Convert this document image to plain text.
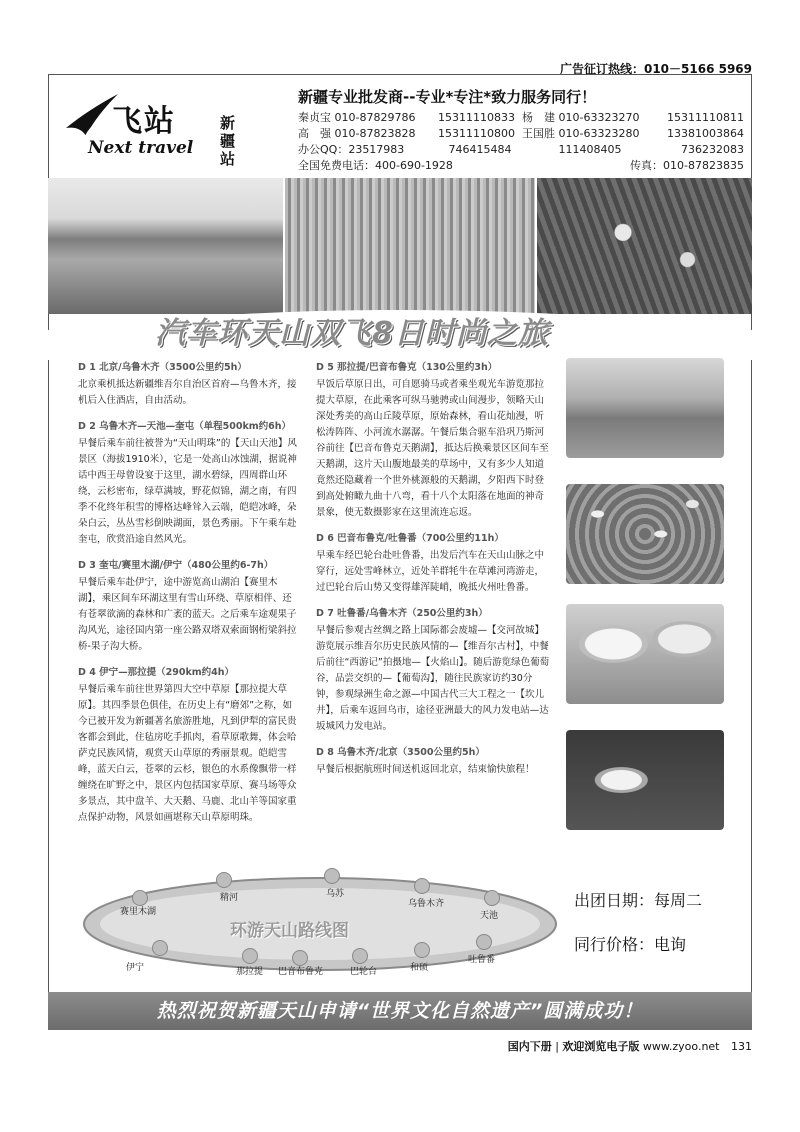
广告征订热线：010－5166 5969
飞站
Next travel
新疆站
新疆专业批发商--专业*专注*致力服务同行！
秦贞宝 010-87829786	15311110833 杨　建 010-63323270	15311110811
高　强 010-87823828	15311110800 王国胜 010-63323280	13381003864
办公QQ：23517983	746415484	111408405	736232083
全国免费电话：400-690-1928	传真：010-87823835
汽车环天山双飞8日时尚之旅
D 1 北京/乌鲁木齐（3500公里约5h）

北京乘机抵达新疆维吾尔自治区首府—乌鲁木齐，接机后入住酒店，自由活动。

D 2 乌鲁木齐—天池—奎屯（单程500km约6h）

早餐后乘车前往被誉为“天山明珠”的【天山天池】风景区（海拔1910米），它是一处高山冰蚀湖，据说神话中西王母曾设宴于这里，湖水碧绿，四周群山环绕，云杉密布，绿草满坡，野花似锦，湖之南，有四季不化终年积雪的博格达峰耸入云端，皑皑冰峰，朵朵白云，丛丛雪杉倒映湖面，景色秀丽。下午乘车赴奎屯，欣赏沿途自然风光。

D 3 奎屯/赛里木湖/伊宁（480公里约6-7h）

早餐后乘车赴伊宁，途中游览高山湖泊【赛里木湖】，乘区间车环湖这里有雪山环绕、草原相伴、还有苍翠欲滴的森林和广袤的蓝天。之后乘车途观果子沟风光，途径国内第一座公路双塔双索面钢桁梁斜拉桥-果子沟大桥。

D 4 伊宁—那拉提（290km约4h）

早餐后乘车前往世界第四大空中草原【那拉提大草原】。其四季景色俱佳，在历史上有“磨郊”之称，如今已被开发为新疆著名旅游胜地，凡到伊犁的富民贵客都会到此，住毡房吃手抓肉，看草原歌舞，体会哈萨克民族风情，观赏天山草原的秀丽景观。皑皑雪峰，蓝天白云，苍翠的云杉，银色的水系像飘带一样缠绕在旷野之中，景区内包括国家草原、赛马场等众多景点，其中盘羊、大天鹅、马鹿、北山羊等国家重点保护动物，风景如画堪称天山草原明珠。

D 5 那拉提/巴音布鲁克（130公里约3h）

早饭后草原日出，可自愿骑马或者乘坐观光车游览那拉提大草原，在此乘客可纵马驰骋或山间漫步，领略天山深处秀美的高山丘陵草原，原始森林，看山花灿漫，听松涛阵阵、小河流水潺潺。午餐后集合驱车沿巩乃斯河谷前往【巴音布鲁克天鹅湖】，抵达后换乘景区区间车至天鹅湖，这片天山腹地最美的草场中，又有多少人知道竟然还隐藏着一个世外桃源般的天鹅湖，夕阳西下时登到高处俯瞰九曲十八弯，看十八个太阳落在地面的神奇景象，使无数摄影家在这里流连忘返。

D 6 巴音布鲁克/吐鲁番（700公里约11h）

早乘车经巴轮台赴吐鲁番，出发后汽车在天山山脉之中穿行，远处雪峰林立，近处羊群牦牛在草滩河湾游走，过巴轮台后山势又变得雄浑陡峭，晚抵火州吐鲁番。

D 7 吐鲁番/乌鲁木齐（250公里约3h）

早餐后参观古丝绸之路上国际都会废墟—【交河故城】游览展示维吾尔历史民族风情的—【维吾尔古村】，中餐后前往“西游记”拍摄地—【火焰山】。随后游览绿色葡萄谷，品尝交织的—【葡萄沟】，随往民族家访约30分钟，参观绿洲生命之源—中国古代三大工程之一【坎儿井】，后乘车返回乌市，途径亚洲最大的风力发电站—达坂城风力发电站。

D 8 乌鲁木齐/北京（3500公里约5h）

早餐后根据航班时间送机返回北京，结束愉快旅程！

环游天山路线图
赛里木湖
精河	乌苏
乌鲁木齐
天池
伊宁	那拉提 巴音布鲁克	巴轮台	和硕
吐鲁番
出团日期：每周二
同行价格：电询
热烈祝贺新疆天山申请“世界文化自然遗产”圆满成功！
国内下册 | 欢迎浏览电子版 www.zyoo.net 131
